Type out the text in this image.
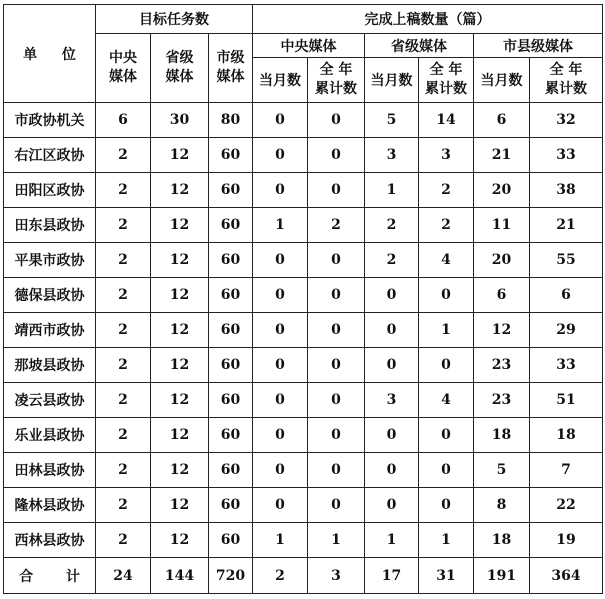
单 位	目标任务数			完成上稿数量（篇）					

	中央媒体	省级媒体	市级媒体	中央媒体		省级媒体		市县级媒体	
				当月数	全 年 累计数	当月数	全 年 累计数	当月数	全 年 累计数

市政协机关	6	30	80	0	0	5	14	6	32
右江区政协	2	12	60	0	0	3	3	21	33
田阳区政协	2	12	60	0	0	1	2	20	38
田东县政协	2	12	60	1	2	2	2	11	21
平果市政协	2	12	60	0	0	2	4	20	55
德保县政协	2	12	60	0	0	0	0	6	6
靖西市政协	2	12	60	0	0	0	1	12	29
那坡县政协	2	12	60	0	0	0	0	23	33
凌云县政协	2	12	60	0	0	3	4	23	51
乐业县政协	2	12	60	0	0	0	0	18	18
田林县政协	2	12	60	0	0	0	0	5	7
隆林县政协	2	12	60	0	0	0	0	8	22
西林县政协	2	12	60	1	1	1	1	18	19
合 计	24	144	720	2	3	17	31	191	364
